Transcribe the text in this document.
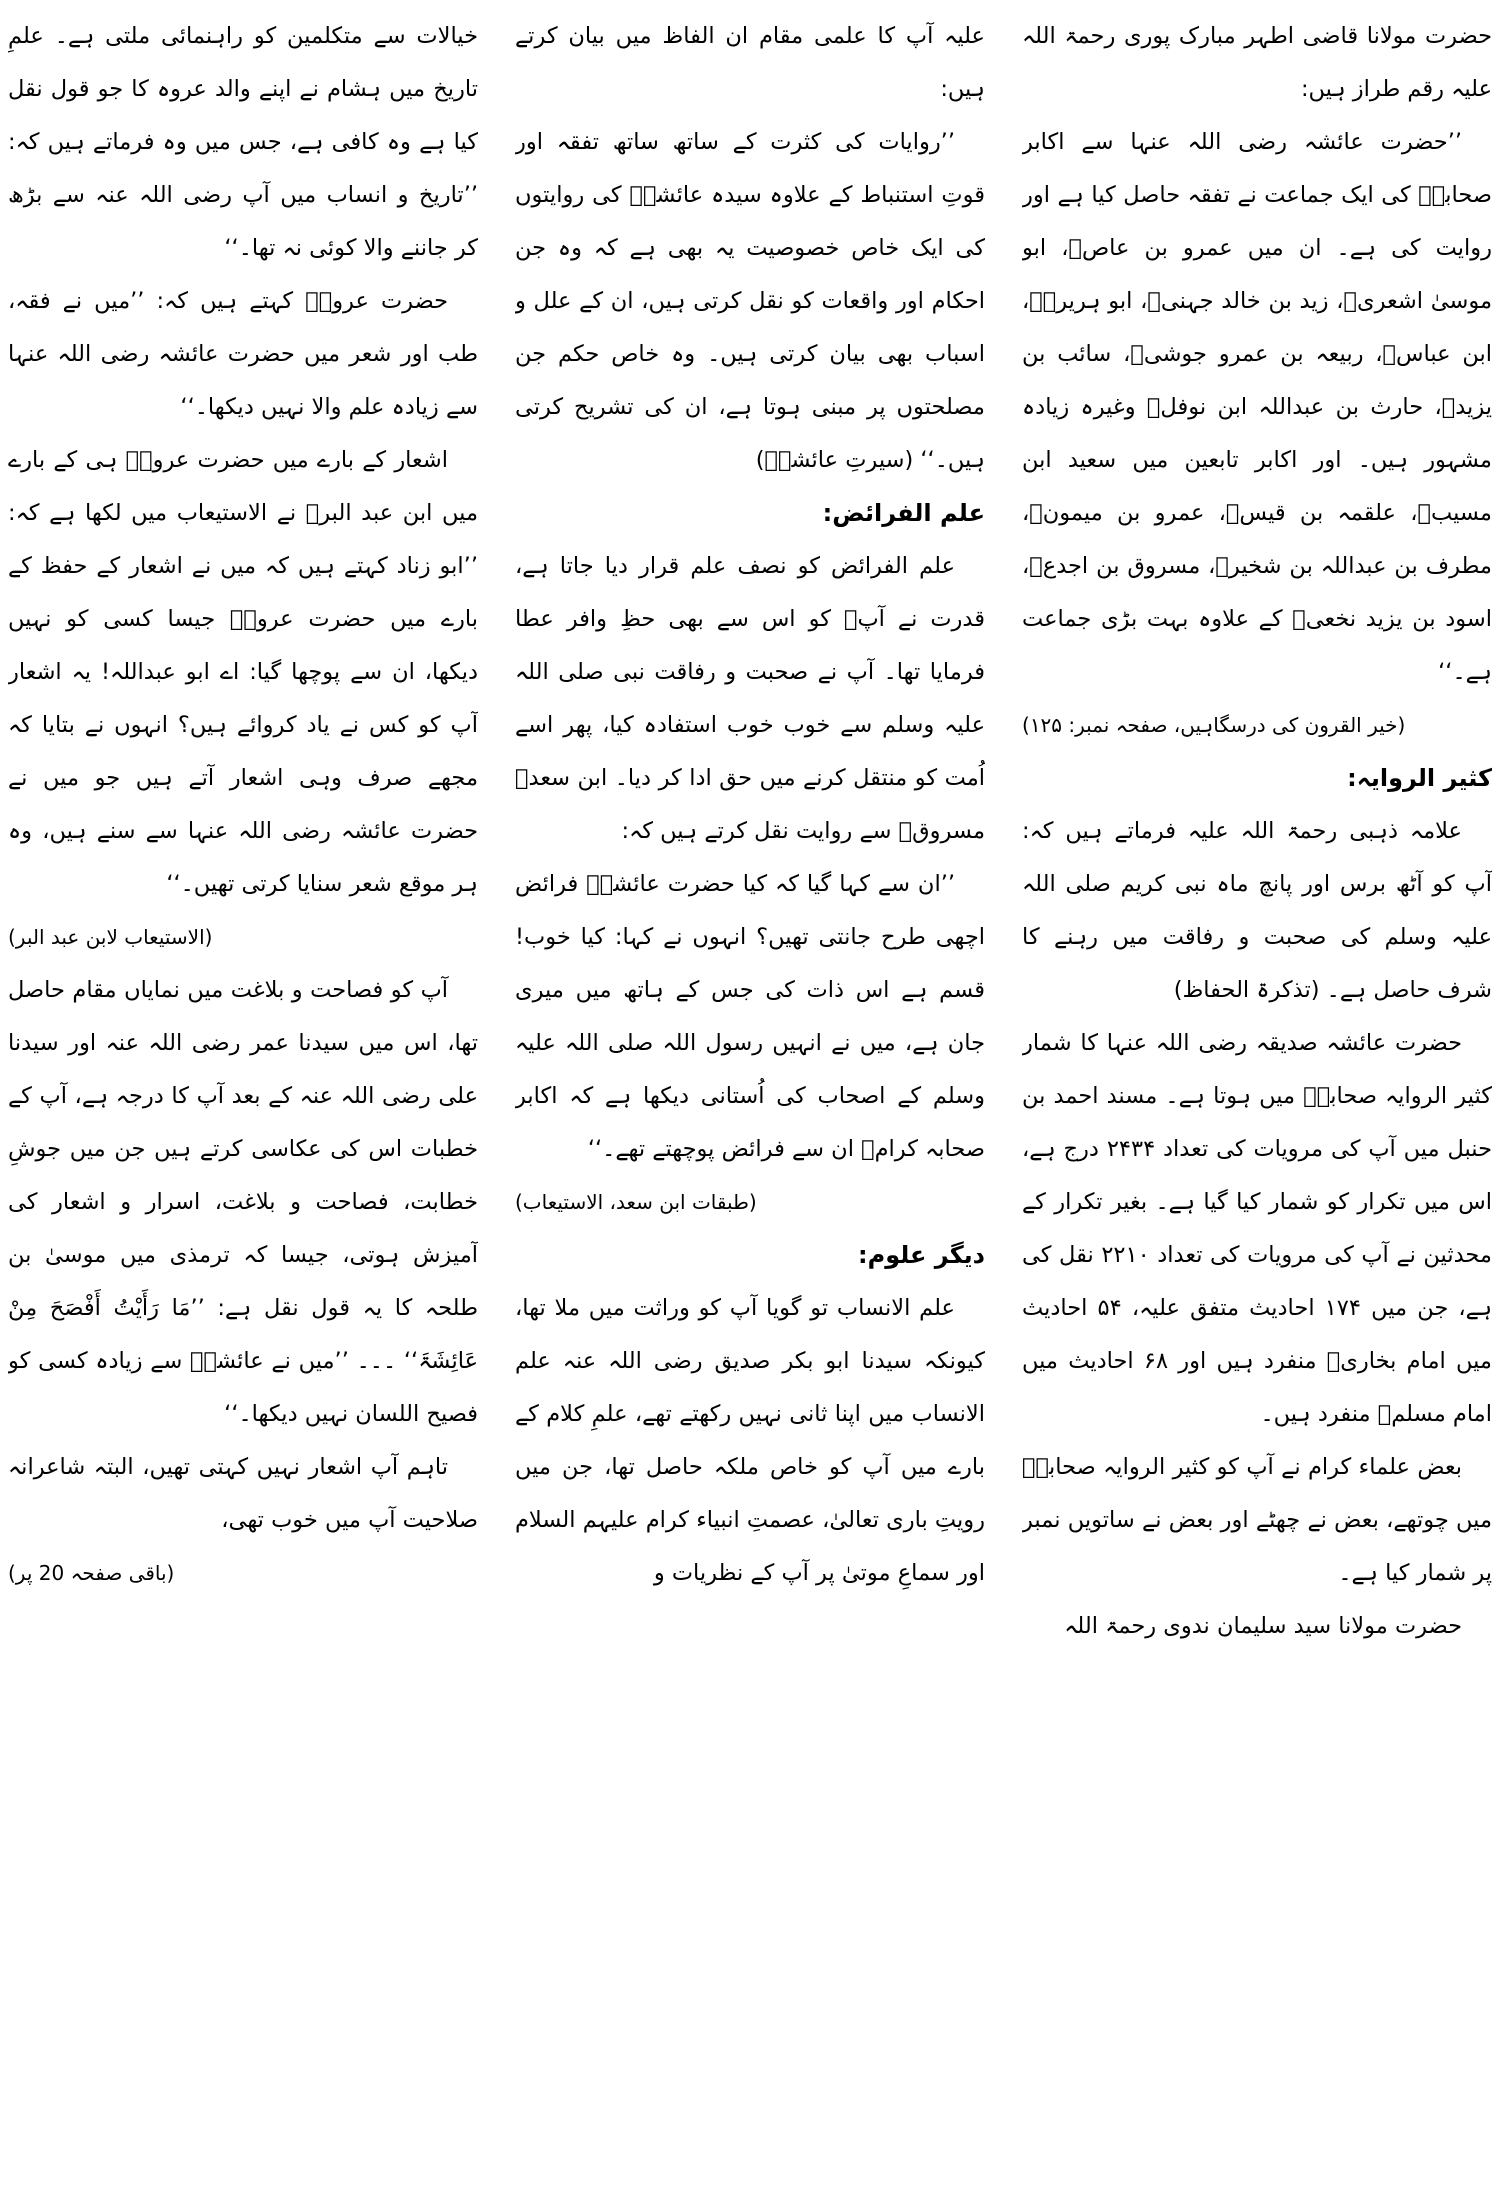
حضرت مولانا قاضی اطہر مبارک پوری رحمۃ اللہ علیہ رقم طراز ہیں:

’’حضرت عائشہ رضی اللہ عنہا سے اکابر صحابہؓ کی ایک جماعت نے تفقہ حاصل کیا ہے اور روایت کی ہے۔ ان میں عمرو بن عاصؓ، ابو موسیٰ اشعریؓ، زید بن خالد جہنیؓ، ابو ہریرہؓ، ابن عباسؓ، ربیعہ بن عمرو جوشیؓ، سائب بن یزیدؓ، حارث بن عبداللہ ابن نوفلؓ وغیرہ زیادہ مشہور ہیں۔ اور اکابر تابعین میں سعید ابن مسیبؒ، علقمہ بن قیسؒ، عمرو بن میمونؒ، مطرف بن عبداللہ بن شخیرؒ، مسروق بن اجدعؒ، اسود بن یزید نخعیؒ کے علاوہ بہت بڑی جماعت ہے۔‘‘

(خیر القرون کی درسگاہیں، صفحہ نمبر: ۱۲۵)

کثیر الروایہ:

علامہ ذہبی رحمۃ اللہ علیہ فرماتے ہیں کہ: آپ کو آٹھ برس اور پانچ ماہ نبی کریم صلی اللہ علیہ وسلم کی صحبت و رفاقت میں رہنے کا شرف حاصل ہے۔ (تذکرۃ الحفاظ)

حضرت عائشہ صدیقہ رضی اللہ عنہا کا شمار کثیر الروایہ صحابہؓ میں ہوتا ہے۔ مسند احمد بن حنبل میں آپ کی مرویات کی تعداد ۲۴۳۴ درج ہے، اس میں تکرار کو شمار کیا گیا ہے۔ بغیر تکرار کے محدثین نے آپ کی مرویات کی تعداد ۲۲۱۰ نقل کی ہے، جن میں ۱۷۴ احادیث متفق علیہ، ۵۴ احادیث میں امام بخاریؒ منفرد ہیں اور ۶۸ احادیث میں امام مسلمؒ منفرد ہیں۔

بعض علماء کرام نے آپ کو کثیر الروایہ صحابہؓ میں چوتھے، بعض نے چھٹے اور بعض نے ساتویں نمبر پر شمار کیا ہے۔

حضرت مولانا سید سلیمان ندوی رحمۃ اللہ

علیہ آپ کا علمی مقام ان الفاظ میں بیان کرتے ہیں:

’’روایات کی کثرت کے ساتھ ساتھ تفقہ اور قوتِ استنباط کے علاوہ سیدہ عائشہؓ کی روایتوں کی ایک خاص خصوصیت یہ بھی ہے کہ وہ جن احکام اور واقعات کو نقل کرتی ہیں، ان کے علل و اسباب بھی بیان کرتی ہیں۔ وہ خاص حکم جن مصلحتوں پر مبنی ہوتا ہے، ان کی تشریح کرتی ہیں۔‘‘ (سیرتِ عائشہؓ)

علم الفرائض:

علم الفرائض کو نصف علم قرار دیا جاتا ہے، قدرت نے آپؓ کو اس سے بھی حظِ وافر عطا فرمایا تھا۔ آپ نے صحبت و رفاقت نبی صلی اللہ علیہ وسلم سے خوب خوب استفادہ کیا، پھر اسے اُمت کو منتقل کرنے میں حق ادا کر دیا۔ ابن سعدؒ مسروقؒ سے روایت نقل کرتے ہیں کہ:

’’ان سے کہا گیا کہ کیا حضرت عائشہؓ فرائض اچھی طرح جانتی تھیں؟ انہوں نے کہا: کیا خوب! قسم ہے اس ذات کی جس کے ہاتھ میں میری جان ہے، میں نے انہیں رسول اللہ صلی اللہ علیہ وسلم کے اصحاب کی اُستانی دیکھا ہے کہ اکابر صحابہ کرامؓ ان سے فرائض پوچھتے تھے۔‘‘

(طبقات ابن سعد، الاستیعاب)

دیگر علوم:

علم الانساب تو گویا آپ کو وراثت میں ملا تھا، کیونکہ سیدنا ابو بکر صدیق رضی اللہ عنہ علم الانساب میں اپنا ثانی نہیں رکھتے تھے، علمِ کلام کے بارے میں آپ کو خاص ملکہ حاصل تھا، جن میں رویتِ باری تعالیٰ، عصمتِ انبیاء کرام علیہم السلام اور سماعِ موتیٰ پر آپ کے نظریات و

خیالات سے متکلمین کو راہنمائی ملتی ہے۔ علمِ تاریخ میں ہشام نے اپنے والد عروہ کا جو قول نقل کیا ہے وہ کافی ہے، جس میں وہ فرماتے ہیں کہ: ’’تاریخ و انساب میں آپ رضی اللہ عنہ سے بڑھ کر جاننے والا کوئی نہ تھا۔‘‘

حضرت عروہؒ کہتے ہیں کہ: ’’میں نے فقہ، طب اور شعر میں حضرت عائشہ رضی اللہ عنہا سے زیادہ علم والا نہیں دیکھا۔‘‘

اشعار کے بارے میں حضرت عروہؒ ہی کے بارے میں ابن عبد البرؒ نے الاستیعاب میں لکھا ہے کہ: ’’ابو زناد کہتے ہیں کہ میں نے اشعار کے حفظ کے بارے میں حضرت عروہؒ جیسا کسی کو نہیں دیکھا، ان سے پوچھا گیا: اے ابو عبداللہ! یہ اشعار آپ کو کس نے یاد کروائے ہیں؟ انہوں نے بتایا کہ مجھے صرف وہی اشعار آتے ہیں جو میں نے حضرت عائشہ رضی اللہ عنہا سے سنے ہیں، وہ ہر موقع شعر سنایا کرتی تھیں۔‘‘

(الاستیعاب لابن عبد البر)

آپ کو فصاحت و بلاغت میں نمایاں مقام حاصل تھا، اس میں سیدنا عمر رضی اللہ عنہ اور سیدنا علی رضی اللہ عنہ کے بعد آپ کا درجہ ہے، آپ کے خطبات اس کی عکاسی کرتے ہیں جن میں جوشِ خطابت، فصاحت و بلاغت، اسرار و اشعار کی آمیزش ہوتی، جیسا کہ ترمذی میں موسیٰ بن طلحہ کا یہ قول نقل ہے: ’’مَا رَأَیْتُ أَفْصَحَ مِنْ عَائِشَۃَ‘‘ ۔۔۔ ’’میں نے عائشہؓ سے زیادہ کسی کو فصیح اللسان نہیں دیکھا۔‘‘

تاہم آپ اشعار نہیں کہتی تھیں، البتہ شاعرانہ صلاحیت آپ میں خوب تھی،

(باقی صفحہ 20 پر)
